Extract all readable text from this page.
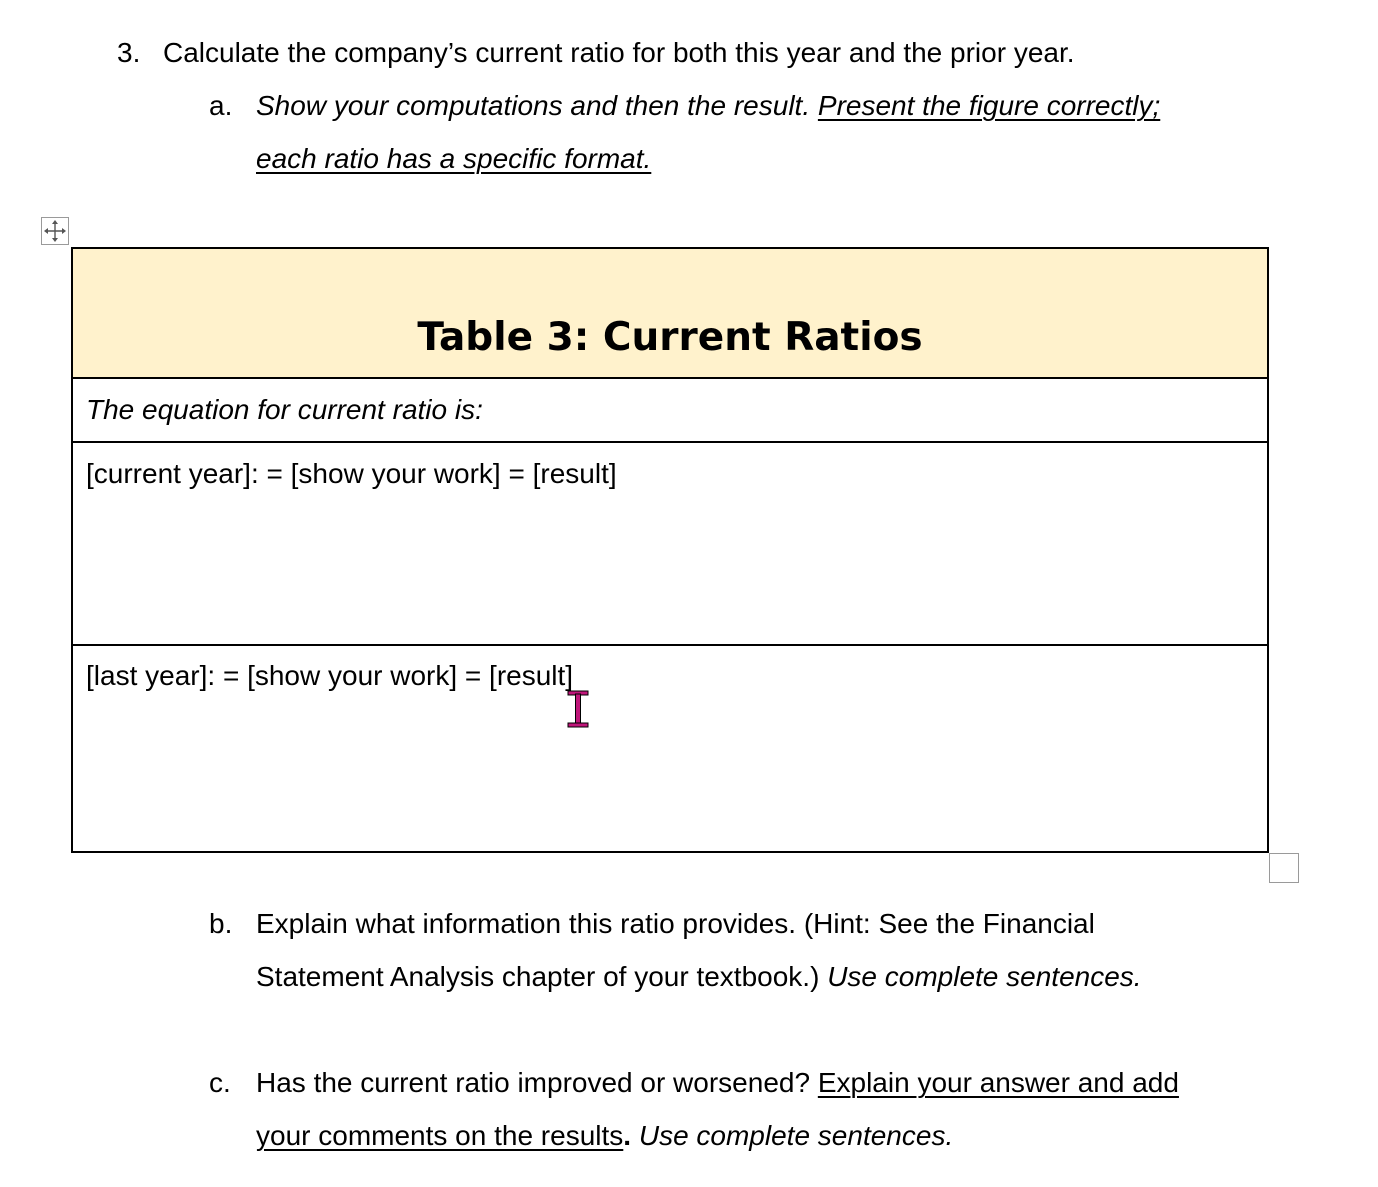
3. Calculate the company’s current ratio for both this year and the prior year.
a. Show your computations and then the result. Present the figure correctly;
each ratio has a specific format.
Table 3: Current Ratios
The equation for current ratio is:
[current year]: = [show your work] = [result]
[last year]: = [show your work] = [result]
b. Explain what information this ratio provides. (Hint: See the Financial
Statement Analysis chapter of your textbook.) Use complete sentences.
c. Has the current ratio improved or worsened? Explain your answer and add
your comments on the results. Use complete sentences.
